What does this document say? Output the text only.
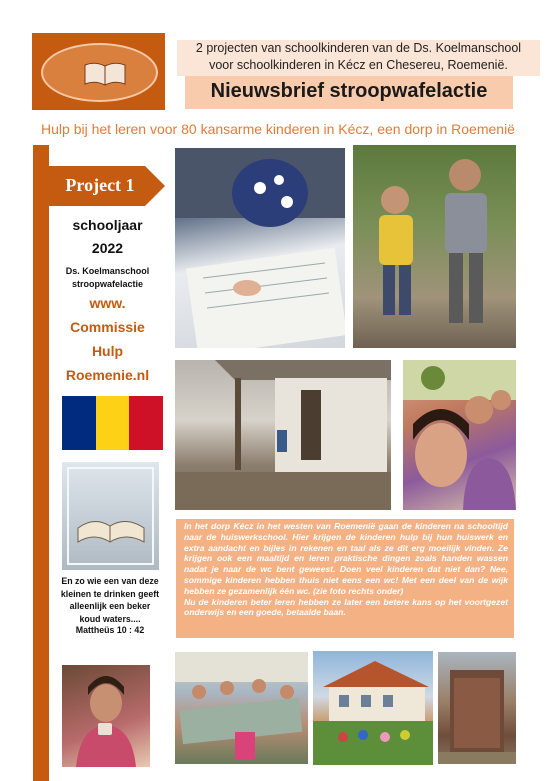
2 projecten van schoolkinderen van de Ds. Koelmanschool
voor schoolkinderen in Kécz en Chesereu, Roemenië.
Nieuwsbrief stroopwafelactie
Hulp bij het leren voor 80 kansarme kinderen in Kécz, een dorp in Roemenië
Project 1
schooljaar
2022
Ds. Koelmanschool
stroopwafelactie
www.
Commissie
Hulp
Roemenie.nl
En zo wie een van deze kleinen te drinken geeft alleenlijk een beker koud waters....
Mattheüs 10 : 42
In het dorp Kécz in het westen van Roemenië gaan de kinderen na schooltijd naar de huiswerkschool. Hier krijgen de kinderen hulp bij hun huiswerk en extra aandacht en bijles in rekenen en taal als ze dit erg moeilijk vinden. Ze krijgen ook een maaltijd en leren praktische dingen zoals handen wassen nadat je naar de wc bent geweest. Doen veel kinderen dat niet dan? Nee, sommige kinderen hebben thuis niet eens een wc! Met een deel van de wijk hebben ze gezamenlijk één wc. (zie foto rechts onder)
Nu de kinderen beter leren hebben ze later een betere kans op het voortgezet onderwijs en een goede, betaalde baan.
